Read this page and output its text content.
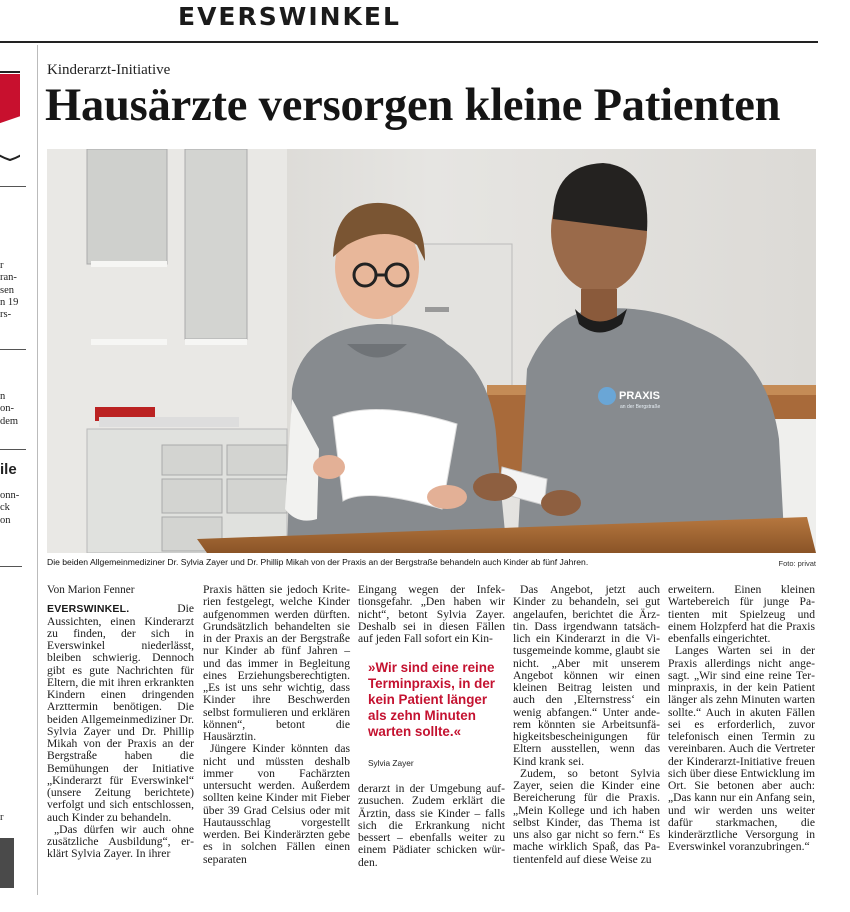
EVERSWINKEL
r
ran-
sen
n 19
rs-
n
on-
dem
ile
onn-
ck
on
r
Kinderarzt-Initiative
Hausärzte versorgen kleine Patienten
PRAXIS
an der Bergstraße
Die beiden Allgemeinmediziner Dr. Sylvia Zayer und Dr. Phillip Mikah von der Praxis an der Bergstraße behandeln auch Kinder ab fünf Jahren.	Foto: privat

Von Marion Fenner

EVERSWINKEL. Die Aussichten, einen Kinderarzt zu finden, der sich in Everswinkel niederlässt, bleiben schwierig. Dennoch gibt es gute Nachrichten für Eltern, die mit ihren erkrankten Kindern einen dringenden Arzttermin benötigen. Die beiden Allgemeinmediziner Dr. Sylvia Zayer und Dr. Phillip Mikah von der Praxis an der Bergstraße haben die Bemühungen der Initiative „Kinderarzt für Everswinkel“ (unsere Zeitung berichtete) verfolgt und sich entschlossen, auch Kinder zu behandeln.

„Das dürfen wir auch ohne zusätzliche Ausbildung“, erklärt Sylvia Zayer. In ihrer

Praxis hätten sie jedoch Kriterien festgelegt, welche Kinder aufgenommen werden dürften. Grundsätzlich behandelten sie in der Praxis an der Bergstraße nur Kinder ab fünf Jahren – und das immer in Begleitung eines Erziehungsberechtigten. „Es ist uns sehr wichtig, dass Kinder ihre Beschwerden selbst formulieren und erklären können“, betont die Hausärztin.

Jüngere Kinder könnten das nicht und müssten deshalb immer von Fachärzten untersucht werden. Außerdem sollten keine Kinder mit Fieber über 39 Grad Celsius oder mit Hautausschlag vorgestellt werden. Bei Kinderärzten gebe es in solchen Fällen einen separaten

Eingang wegen der Infektionsgefahr. „Den haben wir nicht“, betont Sylvia Zayer. Deshalb sei in diesen Fällen auf jeden Fall sofort ein Kin-

»Wir sind eine reine Terminpraxis, in der kein Patient länger als zehn Minuten warten sollte.«
Sylvia Zayer

derarzt in der Umgebung aufzusuchen. Zudem erklärt die Ärztin, dass sie Kinder – falls sich die Erkrankung nicht bessert – ebenfalls weiter zu einem Pädiater schicken würden.

Das Angebot, jetzt auch Kinder zu behandeln, sei gut angelaufen, berichtet die Ärztin. Dass irgendwann tatsächlich ein Kinderarzt in die Vitusgemeinde komme, glaubt sie nicht. „Aber mit unserem Angebot können wir einen kleinen Beitrag leisten und auch den ‚Elternstress‘ ein wenig abfangen.“ Unter anderem könnten sie Arbeitsunfähigkeitsbescheinigungen für Eltern ausstellen, wenn das Kind krank sei.

Zudem, so betont Sylvia Zayer, seien die Kinder eine Bereicherung für die Praxis. „Mein Kollege und ich haben selbst Kinder, das Thema ist uns also gar nicht so fern.“ Es mache wirklich Spaß, das Patientenfeld auf diese Weise zu

erweitern. Einen kleinen Wartebereich für junge Patienten mit Spielzeug und einem Holzpferd hat die Praxis ebenfalls eingerichtet.

Langes Warten sei in der Praxis allerdings nicht angesagt. „Wir sind eine reine Terminpraxis, in der kein Patient länger als zehn Minuten warten sollte.“ Auch in akuten Fällen sei es erforderlich, zuvor telefonisch einen Termin zu vereinbaren. Auch die Vertreter der Kinderarzt-Initiative freuen sich über diese Entwicklung im Ort. Sie betonen aber auch: „Das kann nur ein Anfang sein, und wir werden uns weiter dafür starkmachen, die kinderärztliche Versorgung in Everswinkel voranzubringen.“
